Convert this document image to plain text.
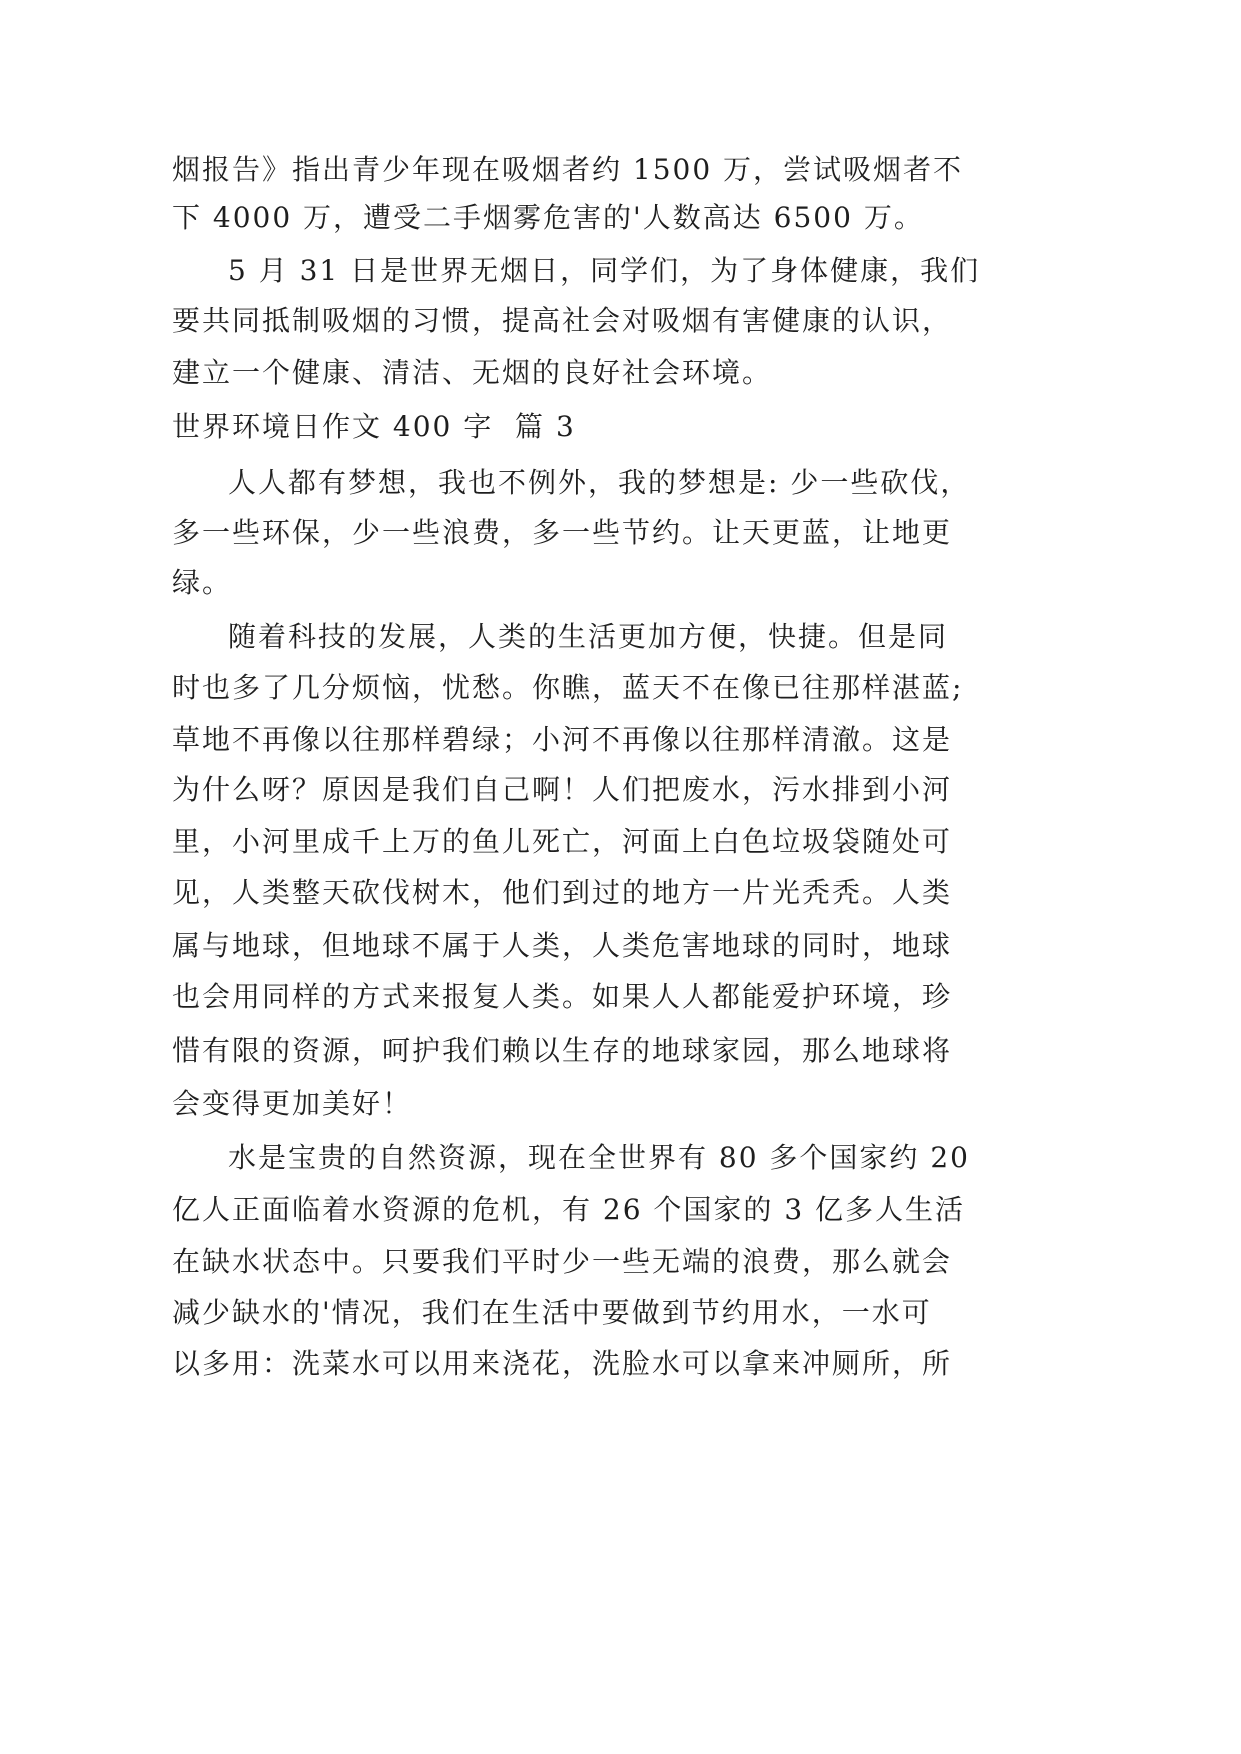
烟报告》指出青少年现在吸烟者约 1500 万，尝试吸烟者不
下 4000 万，遭受二手烟雾危害的'人数高达 6500 万。
5 月 31 日是世界无烟日，同学们，为了身体健康，我们
要共同抵制吸烟的习惯，提高社会对吸烟有害健康的认识，
建立一个健康、清洁、无烟的良好社会环境。
世界环境日作文 400 字  篇 3
人人都有梦想，我也不例外，我的梦想是: 少一些砍伐，
多一些环保，少一些浪费，多一些节约。让天更蓝，让地更
绿。
随着科技的发展，人类的生活更加方便，快捷。但是同
时也多了几分烦恼，忧愁。你瞧，蓝天不在像已往那样湛蓝;
草地不再像以往那样碧绿；小河不再像以往那样清澈。这是
为什么呀？原因是我们自己啊！人们把废水，污水排到小河
里，小河里成千上万的鱼儿死亡，河面上白色垃圾袋随处可
见，人类整天砍伐树木，他们到过的地方一片光秃秃。人类
属与地球，但地球不属于人类，人类危害地球的同时，地球
也会用同样的方式来报复人类。如果人人都能爱护环境，珍
惜有限的资源，呵护我们赖以生存的地球家园，那么地球将
会变得更加美好！
水是宝贵的自然资源，现在全世界有 80 多个国家约 20
亿人正面临着水资源的危机，有 26 个国家的 3 亿多人生活
在缺水状态中。只要我们平时少一些无端的浪费，那么就会
减少缺水的'情况，我们在生活中要做到节约用水，一水可
以多用：洗菜水可以用来浇花，洗脸水可以拿来冲厕所，所
